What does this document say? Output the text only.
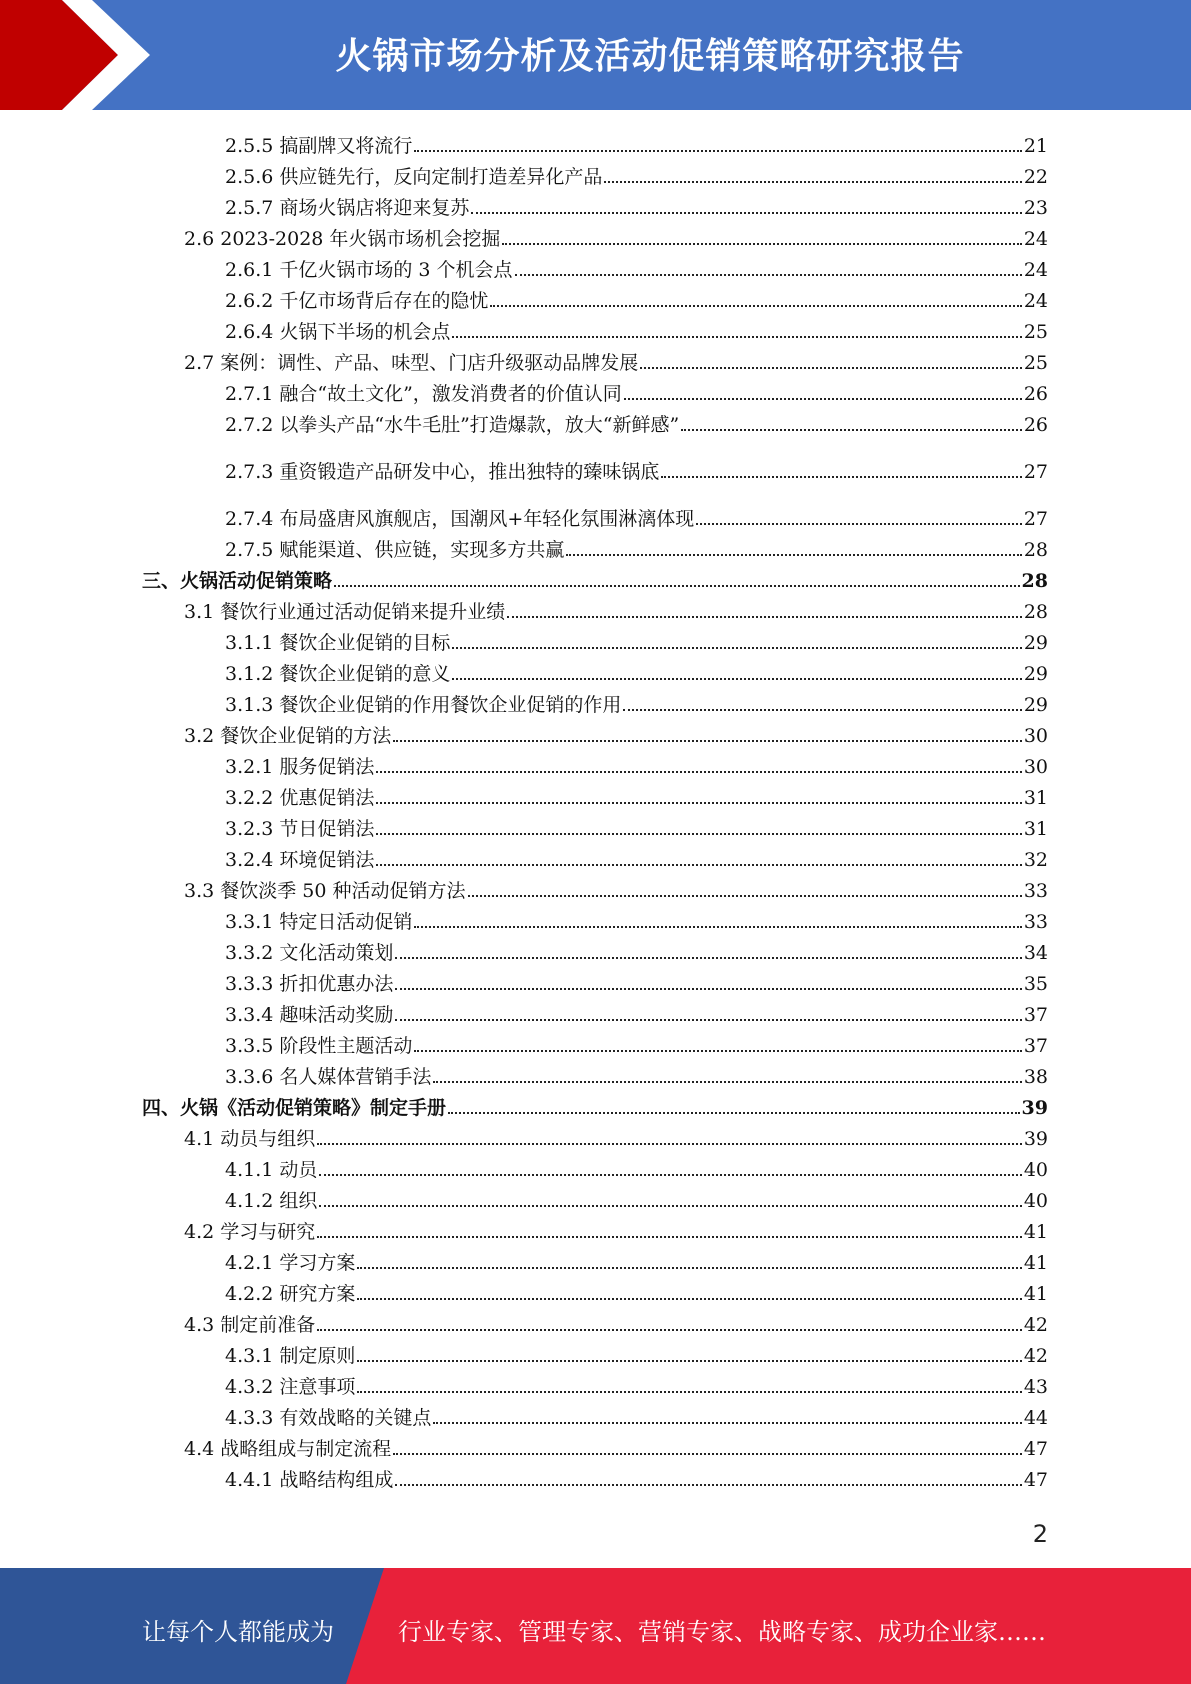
火锅市场分析及活动促销策略研究报告
2.5.5 搞副牌又将流行	21
2.5.6 供应链先行，反向定制打造差异化产品	22
2.5.7 商场火锅店将迎来复苏	23
2.6 2023-2028 年火锅市场机会挖掘	24
2.6.1 千亿火锅市场的 3 个机会点	24
2.6.2 千亿市场背后存在的隐忧	24
2.6.4 火锅下半场的机会点	25
2.7 案例：调性、产品、味型、门店升级驱动品牌发展	25
2.7.1 融合“故土文化”，激发消费者的价值认同	26
2.7.2 以拳头产品“水牛毛肚”打造爆款，放大“新鲜感”	26
2.7.3 重资锻造产品研发中心，推出独特的臻味锅底	27
2.7.4 布局盛唐风旗舰店，国潮风+年轻化氛围淋漓体现	27
2.7.5 赋能渠道、供应链，实现多方共赢	28
三、火锅活动促销策略	28
3.1 餐饮行业通过活动促销来提升业绩	28
3.1.1 餐饮企业促销的目标	29
3.1.2 餐饮企业促销的意义	29
3.1.3 餐饮企业促销的作用餐饮企业促销的作用	29
3.2 餐饮企业促销的方法	30
3.2.1 服务促销法	30
3.2.2 优惠促销法	31
3.2.3 节日促销法	31
3.2.4 环境促销法	32
3.3 餐饮淡季 50 种活动促销方法	33
3.3.1 特定日活动促销	33
3.3.2 文化活动策划	34
3.3.3 折扣优惠办法	35
3.3.4 趣味活动奖励	37
3.3.5 阶段性主题活动	37
3.3.6 名人媒体营销手法	38
四、火锅《活动促销策略》制定手册	39
4.1 动员与组织	39
4.1.1 动员	40
4.1.2 组织	40
4.2 学习与研究	41
4.2.1 学习方案	41
4.2.2 研究方案	41
4.3 制定前准备	42
4.3.1 制定原则	42
4.3.2 注意事项	43
4.3.3 有效战略的关键点	44
4.4 战略组成与制定流程	47
4.4.1 战略结构组成	47
2
让每个人都能成为	行业专家、管理专家、营销专家、战略专家、成功企业家……
